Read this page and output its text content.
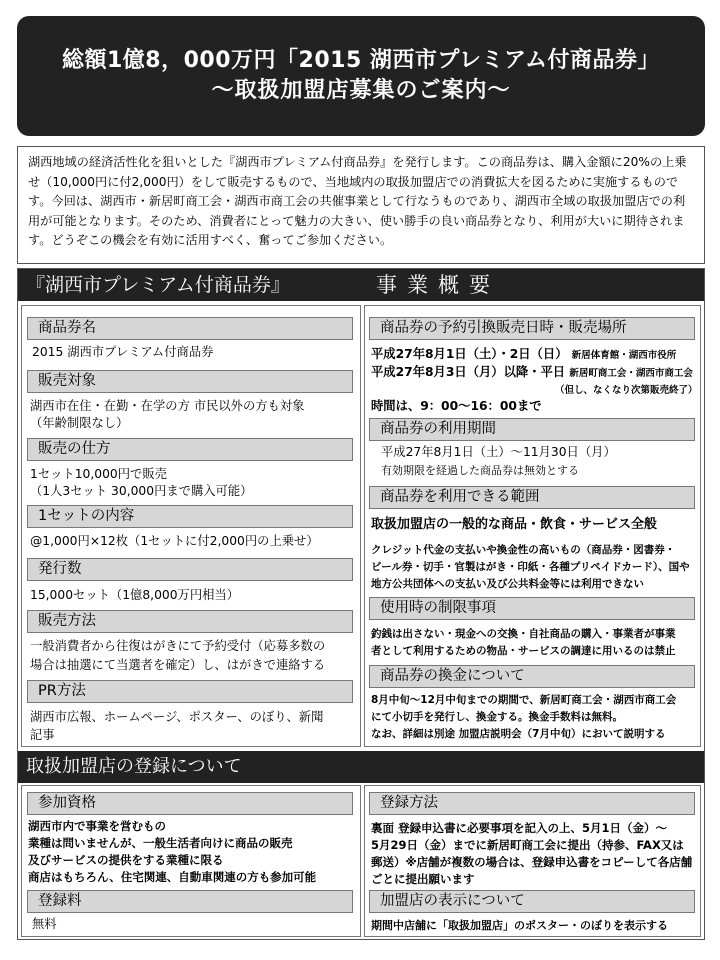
総額1億8，000万円「2015 湖西市プレミアム付商品券」
～取扱加盟店募集のご案内～
湖西地域の経済活性化を狙いとした『湖西市プレミアム付商品券』を発行します。この商品券は、購入金額に20%の上乗せ（10,000円に付2,000円）をして販売するもので、当地域内の取扱加盟店での消費拡大を図るために実施するものです。今回は、湖西市・新居町商工会・湖西市商工会の共催事業として行なうものであり、湖西市全域の取扱加盟店での利用が可能となります。そのため、消費者にとって魅力の大きい、使い勝手の良い商品券となり、利用が大いに期待されます。どうぞこの機会を有効に活用すべく、奮ってご参加ください。
『湖西市プレミアム付商品券』	事業概要
商品券名
2015 湖西市プレミアム付商品券
販売対象
湖西市在住・在勤・在学の方 市民以外の方も対象
（年齢制限なし）
販売の仕方
1セット10,000円で販売
（1人3セット 30,000円まで購入可能）
1セットの内容
@1,000円×12枚（1セットに付2,000円の上乗せ）
発行数
15,000セット（1億8,000万円相当）
販売方法
一般消費者から往復はがきにて予約受付（応募多数の
場合は抽選にて当選者を確定）し、はがきで連絡する
PR方法
湖西市広報、ホームページ、ポスター、のぼり、新聞
記事
商品券の予約引換販売日時・販売場所
平成27年8月1日（土）・2日（日） 新居体育館・湖西市役所
平成27年8月3日（月）以降・平日 新居町商工会・湖西市商工会
（但し、なくなり次第販売終了）
時間は、9：00～16：00まで
商品券の利用期間
平成27年8月1日（土）～11月30日（月）
有効期限を経過した商品券は無効とする
商品券を利用できる範囲
取扱加盟店の一般的な商品・飲食・サービス全般
クレジット代金の支払いや換金性の高いもの（商品券・図書券・
ビール券・切手・官製はがき・印紙・各種プリペイドカード）、国や
地方公共団体への支払い及び公共料金等には利用できない
使用時の制限事項
釣銭は出さない・現金への交換・自社商品の購入・事業者が事業
者として利用するための物品・サービスの調達に用いるのは禁止
商品券の換金について
8月中旬～12月中旬までの期間で、新居町商工会・湖西市商工会
にて小切手を発行し、換金する。換金手数料は無料。
なお、詳細は別途 加盟店説明会（7月中旬）において説明する
取扱加盟店の登録について
参加資格
湖西市内で事業を営むもの
業種は問いませんが、一般生活者向けに商品の販売
及びサービスの提供をする業種に限る
商店はもちろん、住宅関連、自動車関連の方も参加可能
登録料
無料
登録方法
裏面 登録申込書に必要事項を記入の上、5月1日（金）～
5月29日（金）までに新居町商工会に提出（持参、FAX又は
郵送）※店舗が複数の場合は、登録申込書をコピーして各店舗
ごとに提出願います
加盟店の表示について
期間中店舗に「取扱加盟店」のポスター・のぼりを表示する
